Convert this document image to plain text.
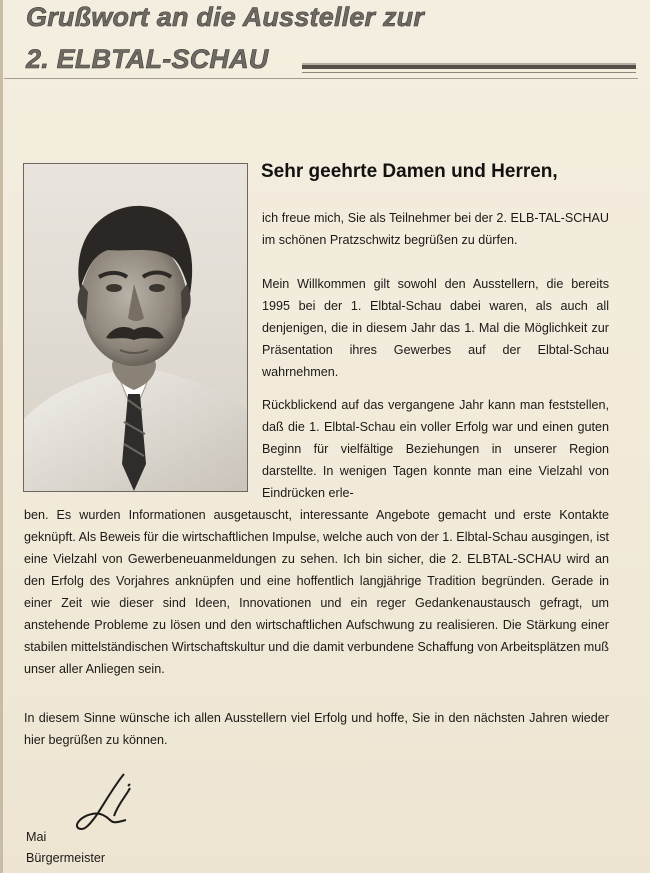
Grußwort an die Aussteller zur
2. ELBTAL-SCHAU
Sehr geehrte Damen und Herren,
ich freue mich, Sie als Teilnehmer bei der 2. ELB-TAL-SCHAU im schönen Pratzschwitz begrüßen zu dürfen.
Mein Willkommen gilt sowohl den Ausstellern, die bereits 1995 bei der 1. Elbtal-Schau dabei waren, als auch all denjenigen, die in diesem Jahr das 1. Mal die Möglichkeit zur Präsentation ihres Gewerbes auf der Elbtal-Schau wahrnehmen.
Rückblickend auf das vergangene Jahr kann man feststellen, daß die 1. Elbtal-Schau ein voller Erfolg war und einen guten Beginn für vielfältige Beziehungen in unserer Region darstellte. In wenigen Tagen konnte man eine Vielzahl von Eindrücken erle-
ben. Es wurden Informationen ausgetauscht, interessante Angebote gemacht und erste Kontakte geknüpft. Als Beweis für die wirtschaftlichen Impulse, welche auch von der 1. Elbtal-Schau ausgingen, ist eine Vielzahl von Gewerbeneuanmeldungen zu sehen. Ich bin sicher, die 2. ELBTAL-SCHAU wird an den Erfolg des Vorjahres anknüpfen und eine hoffentlich langjährige Tradition begründen. Gerade in einer Zeit wie dieser sind Ideen, Innovationen und ein reger Gedankenaustausch gefragt, um anstehende Probleme zu lösen und den wirtschaftlichen Aufschwung zu realisieren. Die Stärkung einer stabilen mittelständischen Wirtschaftskultur und die damit verbundene Schaffung von Arbeitsplätzen muß unser aller Anliegen sein.
In diesem Sinne wünsche ich allen Ausstellern viel Erfolg und hoffe, Sie in den nächsten Jahren wieder hier begrüßen zu können.
Mai
Bürgermeister
